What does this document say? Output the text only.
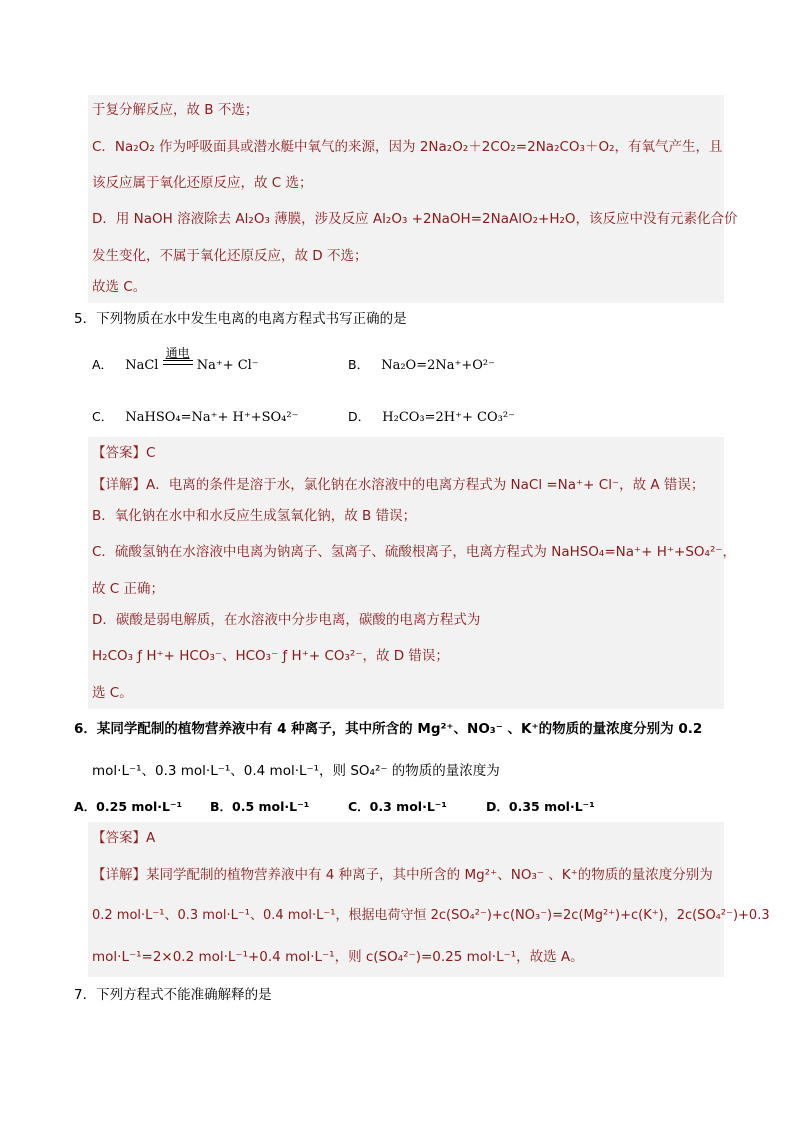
于复分解反应，故 B 不选；
C．Na₂O₂ 作为呼吸面具或潜水艇中氧气的来源，因为 2Na₂O₂＋2CO₂=2Na₂CO₃＋O₂，有氧气产生，且
该反应属于氧化还原反应，故 C 选；
D．用 NaOH 溶液除去 Al₂O₃ 薄膜，涉及反应 Al₂O₃ +2NaOH=2NaAlO₂+H₂O，该反应中没有元素化合价
发生变化，不属于氧化还原反应，故 D 不选；
故选 C。
5．下列物质在水中发生电离的电离方程式书写正确的是
A． NaCl
通电
Na⁺+ Cl⁻	B． Na₂O=2Na⁺+O²⁻
C． NaHSO₄=Na⁺+ H⁺+SO₄²⁻	D． H₂CO₃=2H⁺+ CO₃²⁻
【答案】C
【详解】A．电离的条件是溶于水，氯化钠在水溶液中的电离方程式为 NaCl =Na⁺+ Cl⁻，故 A 错误；
B．氧化钠在水中和水反应生成氢氧化钠，故 B 错误；
C．硫酸氢钠在水溶液中电离为钠离子、氢离子、硫酸根离子，电离方程式为 NaHSO₄=Na⁺+ H⁺+SO₄²⁻，
故 C 正确；
D．碳酸是弱电解质，在水溶液中分步电离，碳酸的电离方程式为
H₂CO₃ ƒ H⁺+ HCO₃⁻、HCO₃⁻ ƒ H⁺+ CO₃²⁻，故 D 错误；
选 C。
6．某同学配制的植物营养液中有 4 种离子，其中所含的 Mg²⁺、NO₃⁻ 、K⁺的物质的量浓度分别为 0.2
mol·L⁻¹、0.3 mol·L⁻¹、0.4 mol·L⁻¹，则 SO₄²⁻ 的物质的量浓度为
A．0.25 mol·L⁻¹ B．0.5 mol·L⁻¹	C．0.3 mol·L⁻¹	D．0.35 mol·L⁻¹
【答案】A
【详解】某同学配制的植物营养液中有 4 种离子，其中所含的 Mg²⁺、NO₃⁻ 、K⁺的物质的量浓度分别为
0.2 mol·L⁻¹、0.3 mol·L⁻¹、0.4 mol·L⁻¹，根据电荷守恒 2c(SO₄²⁻)+c(NO₃⁻)=2c(Mg²⁺)+c(K⁺)，2c(SO₄²⁻)+0.3
mol·L⁻¹=2×0.2 mol·L⁻¹+0.4 mol·L⁻¹，则 c(SO₄²⁻)=0.25 mol·L⁻¹，故选 A。
7．下列方程式不能准确解释的是
